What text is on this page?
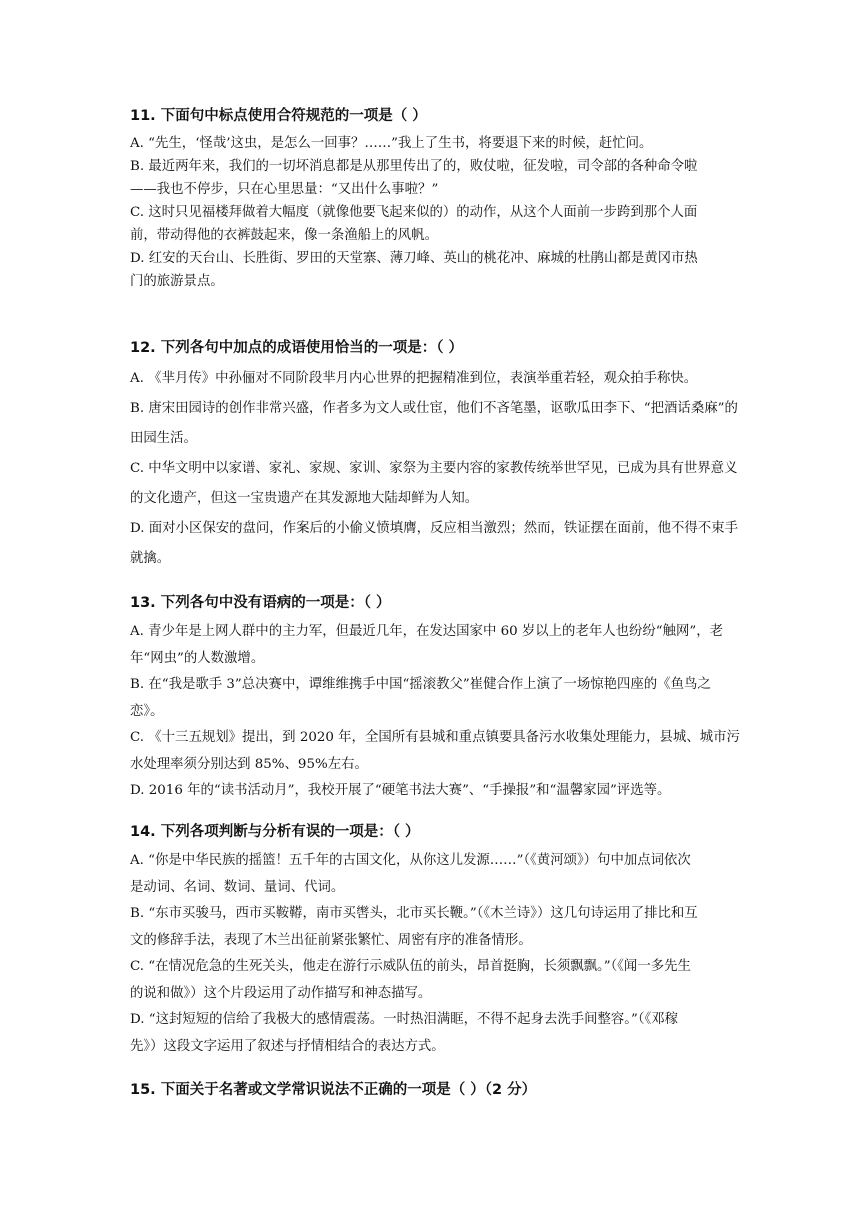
11. 下面句中标点使用合符规范的一项是（ ）

A. “先生，‘怪哉’这虫，是怎么一回事？……”我上了生书，将要退下来的时候，赶忙问。

B. 最近两年来，我们的一切坏消息都是从那里传出了的，败仗啦，征发啦，司令部的各种命令啦——我也不停步，只在心里思量：“又出什么事啦？”

C. 这时只见福楼拜做着大幅度（就像他要飞起来似的）的动作，从这个人面前一步跨到那个人面前，带动得他的衣裤鼓起来，像一条渔船上的风帆。

D. 红安的天台山、长胜街、罗田的天堂寨、薄刀峰、英山的桃花冲、麻城的杜鹃山都是黄冈市热门的旅游景点。

12. 下列各句中加点的成语使用恰当的一项是：（ ）

A. 《芈月传》中孙俪对不同阶段芈月内心世界的把握精准到位，表演举重若轻，观众拍手称快。

B. 唐宋田园诗的创作非常兴盛，作者多为文人或仕宦，他们不吝笔墨，讴歌瓜田李下、“把酒话桑麻”的田园生活。

C. 中华文明中以家谱、家礼、家规、家训、家祭为主要内容的家教传统举世罕见，已成为具有世界意义的文化遗产，但这一宝贵遗产在其发源地大陆却鲜为人知。

D. 面对小区保安的盘问，作案后的小偷义愤填膺，反应相当激烈；然而，铁证摆在面前，他不得不束手就擒。

13. 下列各句中没有语病的一项是：（ ）

A. 青少年是上网人群中的主力军，但最近几年，在发达国家中 60 岁以上的老年人也纷纷“触网”，老年“网虫”的人数激增。

B. 在“我是歌手 3”总决赛中，谭维维携手中国“摇滚教父”崔健合作上演了一场惊艳四座的《鱼鸟之恋》。

C. 《十三五规划》提出，到 2020 年，全国所有县城和重点镇要具备污水收集处理能力，县城、城市污水处理率须分别达到 85%、95%左右。

D. 2016 年的“读书活动月”，我校开展了“硬笔书法大赛”、“手操报”和“温馨家园”评选等。

14. 下列各项判断与分析有误的一项是：（ ）

A. “你是中华民族的摇篮！五千年的古国文化，从你这儿发源……”（《黄河颂》）句中加点词依次是动词、名词、数词、量词、代词。

B. “东市买骏马，西市买鞍鞯，南市买辔头，北市买长鞭。”（《木兰诗》）这几句诗运用了排比和互文的修辞手法，表现了木兰出征前紧张繁忙、周密有序的准备情形。

C. “在情况危急的生死关头，他走在游行示威队伍的前头，昂首挺胸，长须飘飘。”（《闻一多先生的说和做》）这个片段运用了动作描写和神态描写。

D. “这封短短的信给了我极大的感情震荡。一时热泪满眶，不得不起身去洗手间整容。”（《邓稼先》）这段文字运用了叙述与抒情相结合的表达方式。

15. 下面关于名著或文学常识说法不正确的一项是（ ）（2 分）
